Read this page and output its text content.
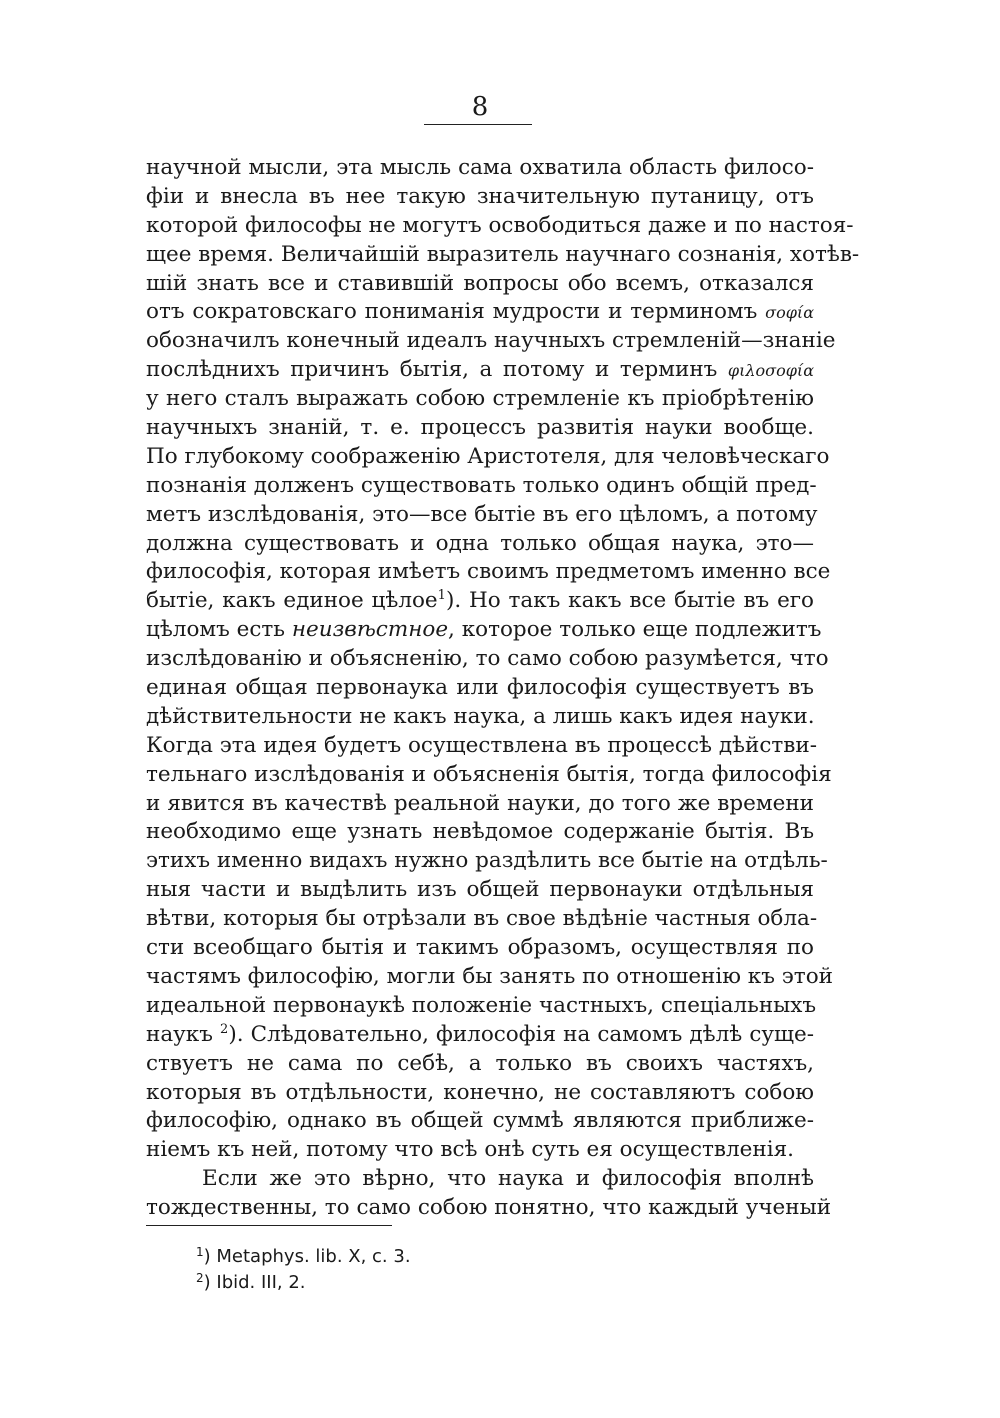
8
научной мысли, эта мысль сама охватила область филосо-
фіи и внесла въ нее такую значительную путаницу, отъ
которой философы не могутъ освободиться даже и по настоя-
щее время. Величайшій выразитель научнаго сознанія, хотѣв-
шій знать все и ставившій вопросы обо всемъ, отказался
отъ сократовскаго пониманія мудрости и терминомъ σοφία
обозначилъ конечный идеалъ научныхъ стремленій—знаніе
послѣднихъ причинъ бытія, а потому и терминъ φιλοσοφία
у него сталъ выражать собою стремленіе къ пріобрѣтенію
научныхъ знаній, т. е. процессъ развитія науки вообще.
По глубокому соображенію Аристотеля, для человѣческаго
познанія долженъ существовать только одинъ общій пред-
метъ изслѣдованія, это—все бытіе въ его цѣломъ, а потому
должна существовать и одна только общая наука, это—
философія, которая имѣетъ своимъ предметомъ именно все
бытіе, какъ единое цѣлое$^1$). Но такъ какъ все бытіе въ его
цѣломъ есть неизвѣстное, которое только еще подлежитъ
изслѣдованію и объясненію, то само собою разумѣется, что
единая общая первонаука или философія существуетъ въ
дѣйствительности не какъ наука, а лишь какъ идея науки.
Когда эта идея будетъ осуществлена въ процессѣ дѣйстви-
тельнаго изслѣдованія и объясненія бытія, тогда философія
и явится въ качествѣ реальной науки, до того же времени
необходимо еще узнать невѣдомое содержаніе бытія. Въ
этихъ именно видахъ нужно раздѣлить все бытіе на отдѣль-
ныя части и выдѣлить изъ общей первонауки отдѣльныя
вѣтви, которыя бы отрѣзали въ свое вѣдѣніе частныя обла-
сти всеобщаго бытія и такимъ образомъ, осуществляя по
частямъ философію, могли бы занять по отношенію къ этой
идеальной первонаукѣ положеніе частныхъ, спеціальныхъ
наукъ $^2$). Слѣдовательно, философія на самомъ дѣлѣ суще-
ствуетъ не сама по себѣ, а только въ своихъ частяхъ,
которыя въ отдѣльности, конечно, не составляютъ собою
философію, однако въ общей суммѣ являются приближе-
ніемъ къ ней, потому что всѣ онѣ суть ея осуществленія.
Если же это вѣрно, что наука и философія вполнѣ
тождественны, то само собою понятно, что каждый ученый
$^1$) Metaphys. lib. X, c. 3.
$^2$) Ibid. III, 2.
